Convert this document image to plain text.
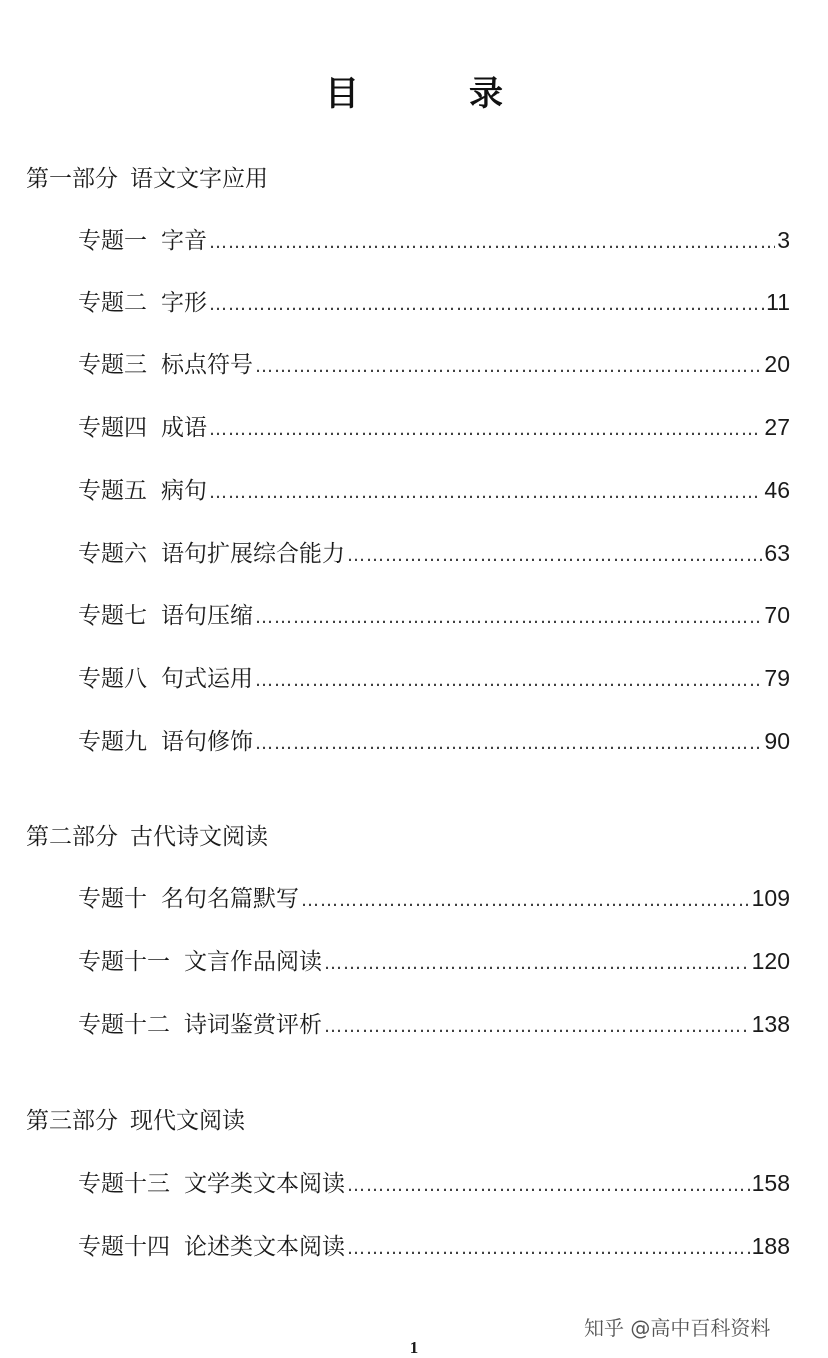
目　录
第一部分 语文文字应用
专题一 字音 ……………………………………………………………………………………………………………………………………………………	3
专题二 字形 ……………………………………………………………………………………………………………………………………………………	11
专题三 标点符号 ……………………………………………………………………………………………………………………………………………………	20
专题四 成语 ……………………………………………………………………………………………………………………………………………………	27
专题五 病句 ……………………………………………………………………………………………………………………………………………………	46
专题六 语句扩展综合能力 ……………………………………………………………………………………………………………………………………………………	63
专题七 语句压缩 ……………………………………………………………………………………………………………………………………………………	70
专题八 句式运用 ……………………………………………………………………………………………………………………………………………………	79
专题九 语句修饰 ……………………………………………………………………………………………………………………………………………………	90
第二部分 古代诗文阅读
专题十 名句名篇默写 ……………………………………………………………………………………………………………………………………………………	109
专题十一 文言作品阅读 ……………………………………………………………………………………………………………………………………………………	120
专题十二 诗词鉴赏评析 ……………………………………………………………………………………………………………………………………………………	138
第三部分 现代文阅读
专题十三 文学类文本阅读 ……………………………………………………………………………………………………………………………………………………	158
专题十四 论述类文本阅读 ……………………………………………………………………………………………………………………………………………………	188
知乎 @高中百科资料
1
